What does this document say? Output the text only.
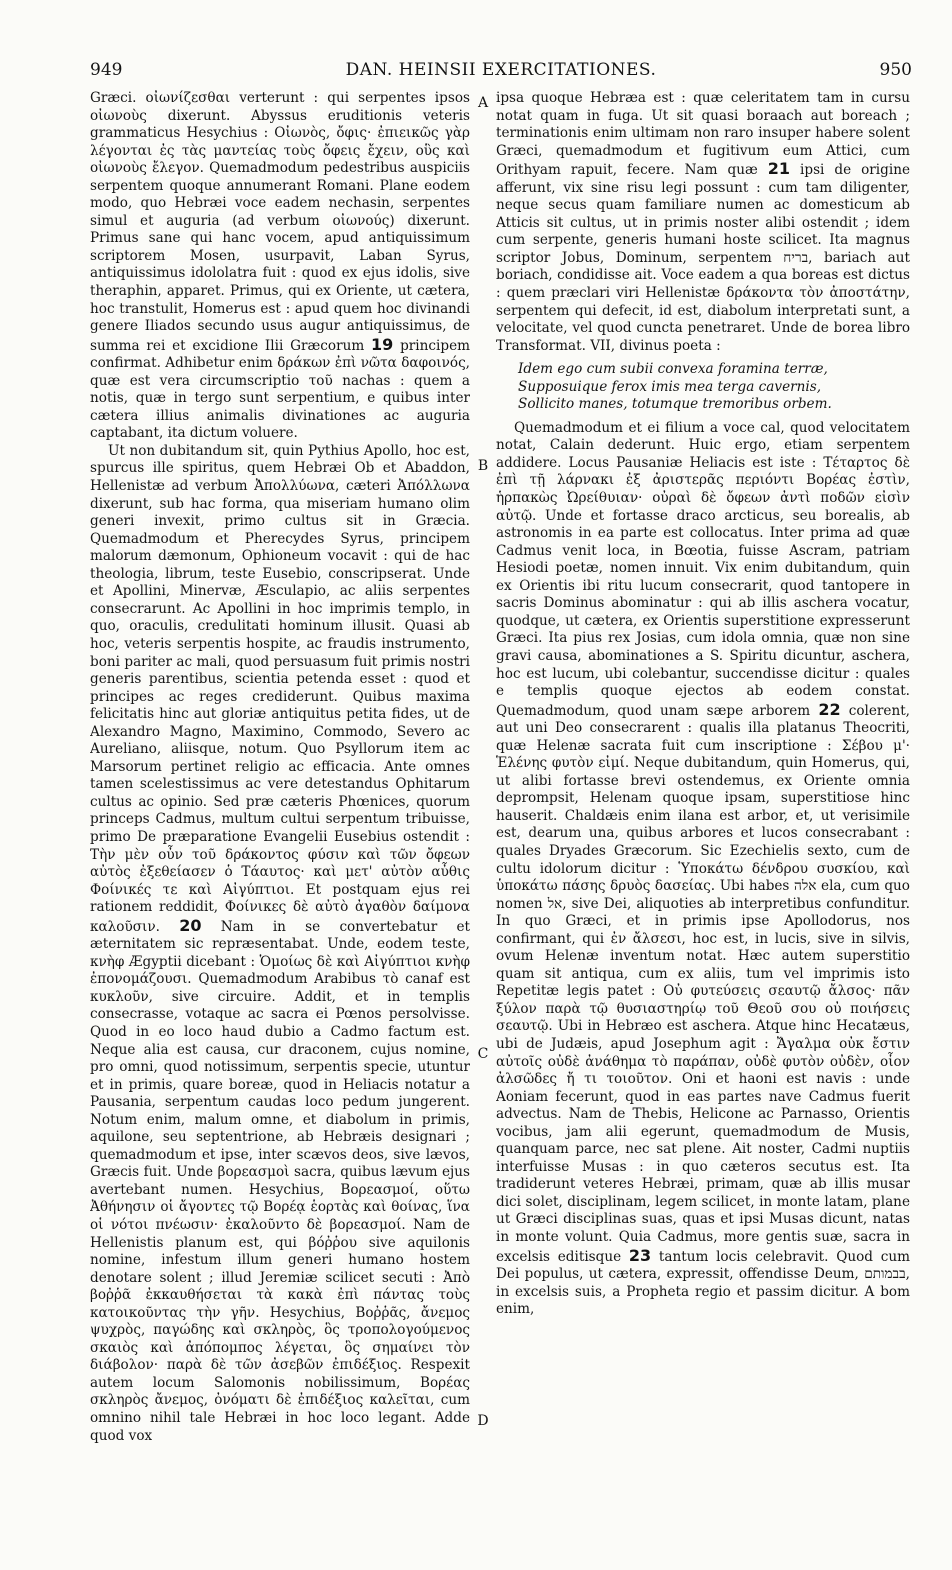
949	DAN. HEINSII EXERCITATIONES.	950
A
B
C
D

Græci. οἰωνίζεσθαι verterunt : qui serpentes ipsos οἰωνοὺς dixerunt. Abyssus eruditionis veteris grammaticus Hesychius : Οἰωνὸς, ὄφις· ἐπιεικῶς γὰρ λέγονται ἐς τὰς μαντείας τοὺς ὄφεις ἔχειν, οὓς καὶ οἰωνοὺς ἔλεγον. Quemadmodum pedestribus auspiciis serpentem quoque annumerant Romani. Plane eodem modo, quo Hebræi voce eadem nechasin, serpentes simul et auguria (ad verbum οἰωνούς) dixerunt. Primus sane qui hanc vocem, apud antiquissimum scriptorem Mosen, usurpavit, Laban Syrus, antiquissimus idololatra fuit : quod ex ejus idolis, sive theraphin, apparet. Primus, qui ex Oriente, ut cætera, hoc transtulit, Homerus est : apud quem hoc divinandi genere Iliados secundo usus augur antiquissimus, de summa rei et excidione Ilii Græcorum 19 principem confirmat. Adhibetur enim δράκων ἐπὶ νῶτα δαφοινός, quæ est vera circumscriptio τοῦ nachas : quem a notis, quæ in tergo sunt serpentium, e quibus inter cætera illius animalis divinationes ac auguria captabant, ita dictum voluere.

Ut non dubitandum sit, quin Pythius Apollo, hoc est, spurcus ille spiritus, quem Hebræi Ob et Abaddon, Hellenistæ ad verbum Ἀπολλύωνα, cæteri Ἀπόλλωνα dixerunt, sub hac forma, qua miseriam humano olim generi invexit, primo cultus sit in Græcia. Quemadmodum et Pherecydes Syrus, principem malorum dæmonum, Ophioneum vocavit : qui de hac theologia, librum, teste Eusebio, conscripserat. Unde et Apollini, Minervæ, Æsculapio, ac aliis serpentes consecrarunt. Ac Apollini in hoc imprimis templo, in quo, oraculis, credulitati hominum illusit. Quasi ab hoc, veteris serpentis hospite, ac fraudis instrumento, boni pariter ac mali, quod persuasum fuit primis nostri generis parentibus, scientia petenda esset : quod et principes ac reges crediderunt. Quibus maxima felicitatis hinc aut gloriæ antiquitus petita fides, ut de Alexandro Magno, Maximino, Commodo, Severo ac Aureliano, aliisque, notum. Quo Psyllorum item ac Marsorum pertinet religio ac efficacia. Ante omnes tamen scelestissimus ac vere detestandus Ophitarum cultus ac opinio. Sed præ cæteris Phœnices, quorum princeps Cadmus, multum cultui serpentum tribuisse, primo De præparatione Evangelii Eusebius ostendit : Τὴν μὲν οὖν τοῦ δράκοντος φύσιν καὶ τῶν ὄφεων αὐτὸς ἐξεθείασεν ὁ Τάαυτος· καὶ μετ' αὐτὸν αὖθις Φοίνικές τε καὶ Αἰγύπτιοι. Et postquam ejus rei rationem reddidit, Φοίνικες δὲ αὐτὸ ἀγαθὸν δαίμονα καλοῦσιν. 20 Nam in se convertebatur et æternitatem sic repræsentabat. Unde, eodem teste, κνὴφ Ægyptii dicebant : Ὁμοίως δὲ καὶ Αἰγύπτιοι κνὴφ ἐπονομάζουσι. Quemadmodum Arabibus τὸ canaf est κυκλοῦν, sive circuire. Addit, et in templis consecrasse, votaque ac sacra ei Pœnos persolvisse. Quod in eo loco haud dubio a Cadmo factum est. Neque alia est causa, cur draconem, cujus nomine, pro omni, quod notissimum, serpentis specie, utuntur et in primis, quare boreæ, quod in Heliacis notatur a Pausania, serpentum caudas loco pedum jungerent. Notum enim, malum omne, et diabolum in primis, aquilone, seu septentrione, ab Hebræis designari ; quemadmodum et ipse, inter scævos deos, sive lævos, Græcis fuit. Unde βορεασμοὶ sacra, quibus lævum ejus avertebant numen. Hesychius, Βορεασμοί, οὕτω Ἀθήνησιν οἱ ἄγοντες τῷ Βορέᾳ ἑορτὰς καὶ θοίνας, ἵνα οἱ νότοι πνέωσιν· ἐκαλοῦντο δὲ βορεασμοί. Nam de Hellenistis planum est, qui βόῤῥου sive aquilonis nomine, infestum illum generi humano hostem denotare solent ; illud Jeremiæ scilicet secuti : Ἀπὸ βοῤῥᾶ ἐκκαυθήσεται τὰ κακὰ ἐπὶ πάντας τοὺς κατοικοῦντας τὴν γῆν. Hesychius, Βοῤῥᾶς, ἄνεμος ψυχρὸς, παγώδης καὶ σκληρὸς, ὃς τροπολογούμενος σκαιὸς καὶ ἀπόπομπος λέγεται, ὃς σημαίνει τὸν διάβολον· παρὰ δὲ τῶν ἀσεβῶν ἐπιδέξιος. Respexit autem locum Salomonis nobilissimum, Βορέας σκληρὸς ἄνεμος, ὀνόματι δὲ ἐπιδέξιος καλεῖται, cum omnino nihil tale Hebræi in hoc loco legant. Adde quod vox

ipsa quoque Hebræa est : quæ celeritatem tam in cursu notat quam in fuga. Ut sit quasi boraach aut boreach ; terminationis enim ultimam non raro insuper habere solent Græci, quemadmodum et fugitivum eum Attici, cum Orithyam rapuit, fecere. Nam quæ 21 ipsi de origine afferunt, vix sine risu legi possunt : cum tam diligenter, neque secus quam familiare numen ac domesticum ab Atticis sit cultus, ut in primis noster alibi ostendit ; idem cum serpente, generis humani hoste scilicet. Ita magnus scriptor Jobus, Dominum, serpentem בריח, bariach aut boriach, condidisse ait. Voce eadem a qua boreas est dictus : quem præclari viri Hellenistæ δράκοντα τὸν ἀποστάτην, serpentem qui defecit, id est, diabolum interpretati sunt, a velocitate, vel quod cuncta penetraret. Unde de borea libro Transformat. VII, divinus poeta :

Idem ego cum subii convexa foramina terræ,

Supposuique ferox imis mea terga cavernis,

Sollicito manes, totumque tremoribus orbem.

Quemadmodum et ei filium a voce cal, quod velocitatem notat, Calain dederunt. Huic ergo, etiam serpentem addidere. Locus Pausaniæ Heliacis est iste : Τέταρτος δὲ ἐπὶ τῇ λάρνακι ἐξ ἀριστερᾶς περιόντι Βορέας ἐστὶν, ἡρπακὼς Ὠρείθυιαν· οὐραὶ δὲ ὄφεων ἀντὶ ποδῶν εἰσὶν αὐτῷ. Unde et fortasse draco arcticus, seu borealis, ab astronomis in ea parte est collocatus. Inter prima ad quæ Cadmus venit loca, in Bœotia, fuisse Ascram, patriam Hesiodi poetæ, nomen innuit. Vix enim dubitandum, quin ex Orientis ibi ritu lucum consecrarit, quod tantopere in sacris Dominus abominatur : qui ab illis aschera vocatur, quodque, ut cætera, ex Orientis superstitione expresserunt Græci. Ita pius rex Josias, cum idola omnia, quæ non sine gravi causa, abominationes a S. Spiritu dicuntur, aschera, hoc est lucum, ubi colebantur, succendisse dicitur : quales e templis quoque ejectos ab eodem constat. Quemadmodum, quod unam sæpe arborem 22 colerent, aut uni Deo consecrarent : qualis illa platanus Theocriti, quæ Helenæ sacrata fuit cum inscriptione : Σέβου μ'· Ἑλένης φυτὸν εἰμί. Neque dubitandum, quin Homerus, qui, ut alibi fortasse brevi ostendemus, ex Oriente omnia deprompsit, Helenam quoque ipsam, superstitiose hinc hauserit. Chaldæis enim ilana est arbor, et, ut verisimile est, dearum una, quibus arbores et lucos consecrabant : quales Dryades Græcorum. Sic Ezechielis sexto, cum de cultu idolorum dicitur : Ὑποκάτω δένδρου συσκίου, καὶ ὑποκάτω πάσης δρυὸς δασείας. Ubi habes אלה ela, cum quo nomen אל, sive Dei, aliquoties ab interpretibus confunditur. In quo Græci, et in primis ipse Apollodorus, nos confirmant, qui ἐν ἄλσεσι, hoc est, in lucis, sive in silvis, ovum Helenæ inventum notat. Hæc autem superstitio quam sit antiqua, cum ex aliis, tum vel imprimis isto Repetitæ legis patet : Οὐ φυτεύσεις σεαυτῷ ἄλσος· πᾶν ξύλον παρὰ τῷ θυσιαστηρίῳ τοῦ Θεοῦ σου οὐ ποιήσεις σεαυτῷ. Ubi in Hebræo est aschera. Atque hinc Hecatæus, ubi de Judæis, apud Josephum agit : Ἄγαλμα οὐκ ἔστιν αὐτοῖς οὐδὲ ἀνάθημα τὸ παράπαν, οὐδὲ φυτὸν οὐδὲν, οἷον ἀλσῶδες ἤ τι τοιοῦτον. Oni et haoni est navis : unde Aoniam fecerunt, quod in eas partes nave Cadmus fuerit advectus. Nam de Thebis, Helicone ac Parnasso, Orientis vocibus, jam alii egerunt, quemadmodum de Musis, quanquam parce, nec sat plene. Ait noster, Cadmi nuptiis interfuisse Musas : in quo cæteros secutus est. Ita tradiderunt veteres Hebræi, primam, quæ ab illis musar dici solet, disciplinam, legem scilicet, in monte latam, plane ut Græci disciplinas suas, quas et ipsi Musas dicunt, natas in monte volunt. Quia Cadmus, more gentis suæ, sacra in excelsis editisque 23 tantum locis celebravit. Quod cum Dei populus, ut cætera, expressit, offendisse Deum, בבמותם, in excelsis suis, a Propheta regio et passim dicitur. A bom enim,
